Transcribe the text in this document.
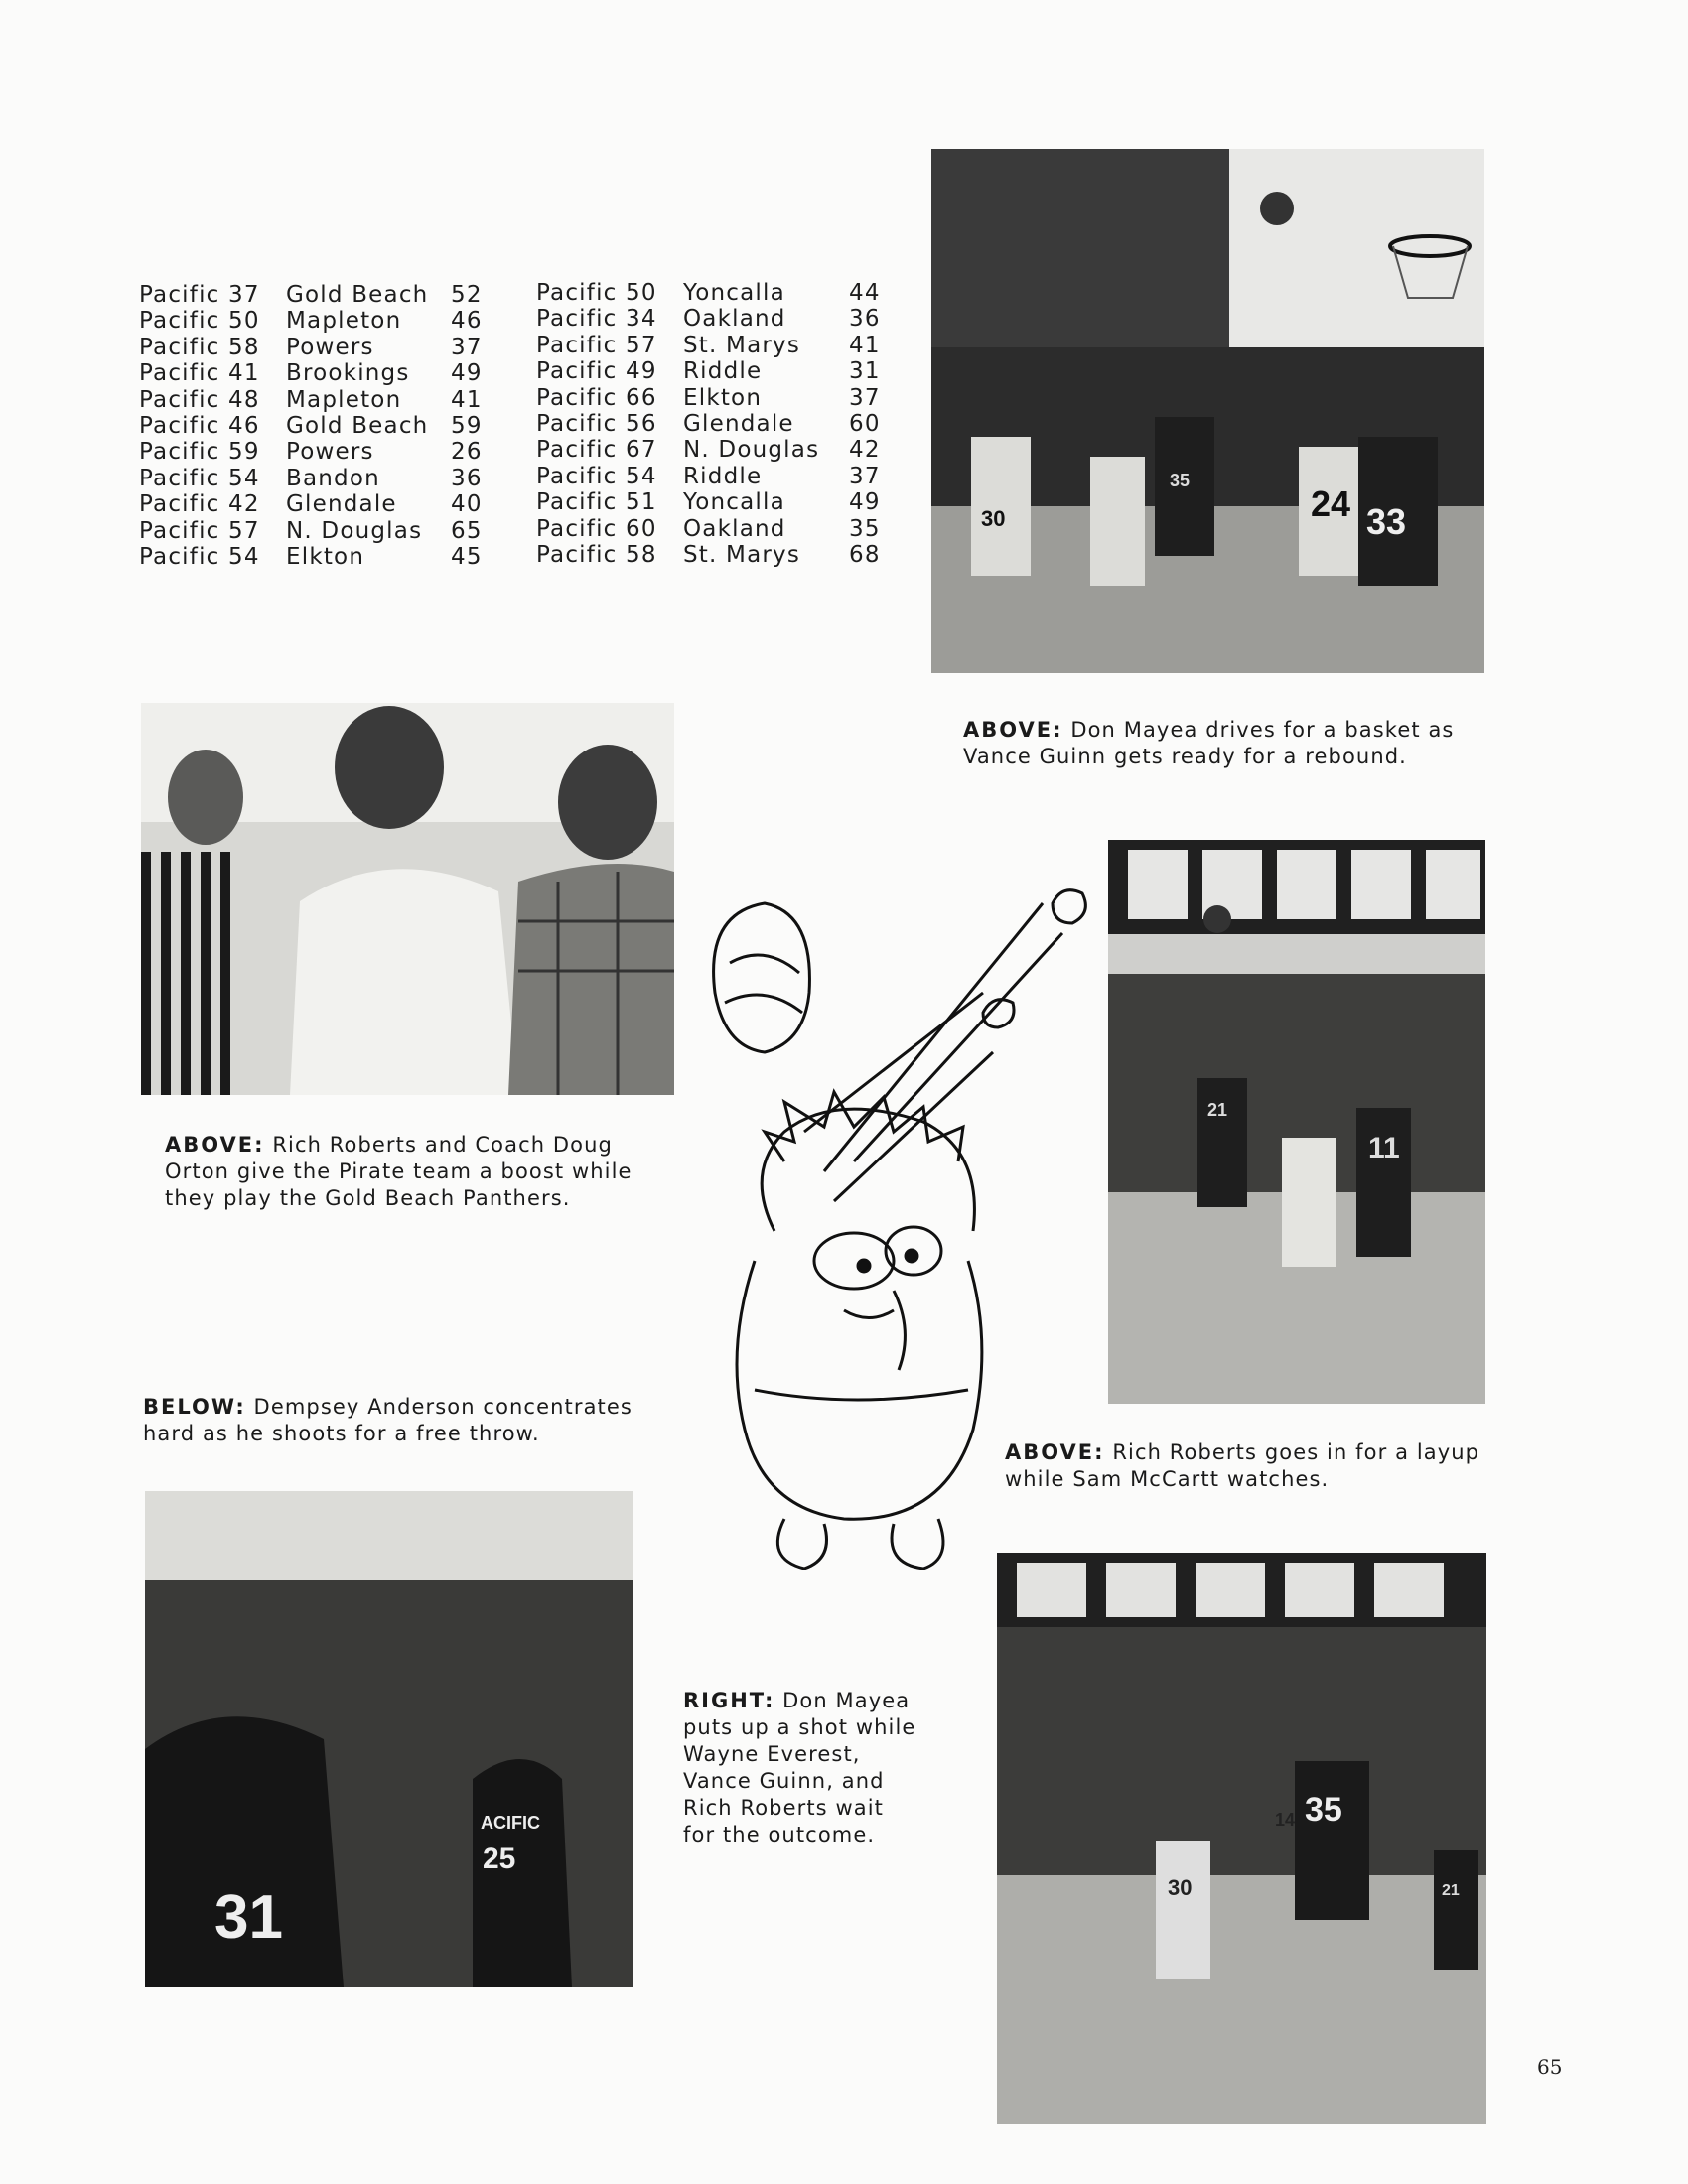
Pacific 37	Gold Beach 52
Pacific 50	Mapleton	46
Pacific 58	Powers	37
Pacific 41	Brookings	49
Pacific 48	Mapleton	41
Pacific 46	Gold Beach 59
Pacific 59	Powers	26
Pacific 54	Bandon	36
Pacific 42	Glendale	40
Pacific 57	N. Douglas	65
Pacific 54	Elkton	45
Pacific 50	Yoncalla	44
Pacific 34	Oakland	36
Pacific 57	St. Marys	41
Pacific 49	Riddle	31
Pacific 66	Elkton	37
Pacific 56	Glendale	60
Pacific 67	N. Douglas	42
Pacific 54	Riddle	37
Pacific 51	Yoncalla	49
Pacific 60	Oakland	35
Pacific 58	St. Marys	68
30	24 33
35
ABOVE: Don Mayea drives for a basket as Vance Guinn gets ready for a rebound.
ABOVE: Rich Roberts and Coach Doug Orton give the Pirate team a boost while they play the Gold Beach Panthers.
21
11
ABOVE: Rich Roberts goes in for a layup while Sam McCartt watches.
BELOW: Dempsey Anderson concentrates hard as he shoots for a free throw.
31
25
ACIFIC
RIGHT: Don Mayea puts up a shot while Wayne Everest, Vance Guinn, and Rich Roberts wait for the outcome.
35
30	21
14
65
